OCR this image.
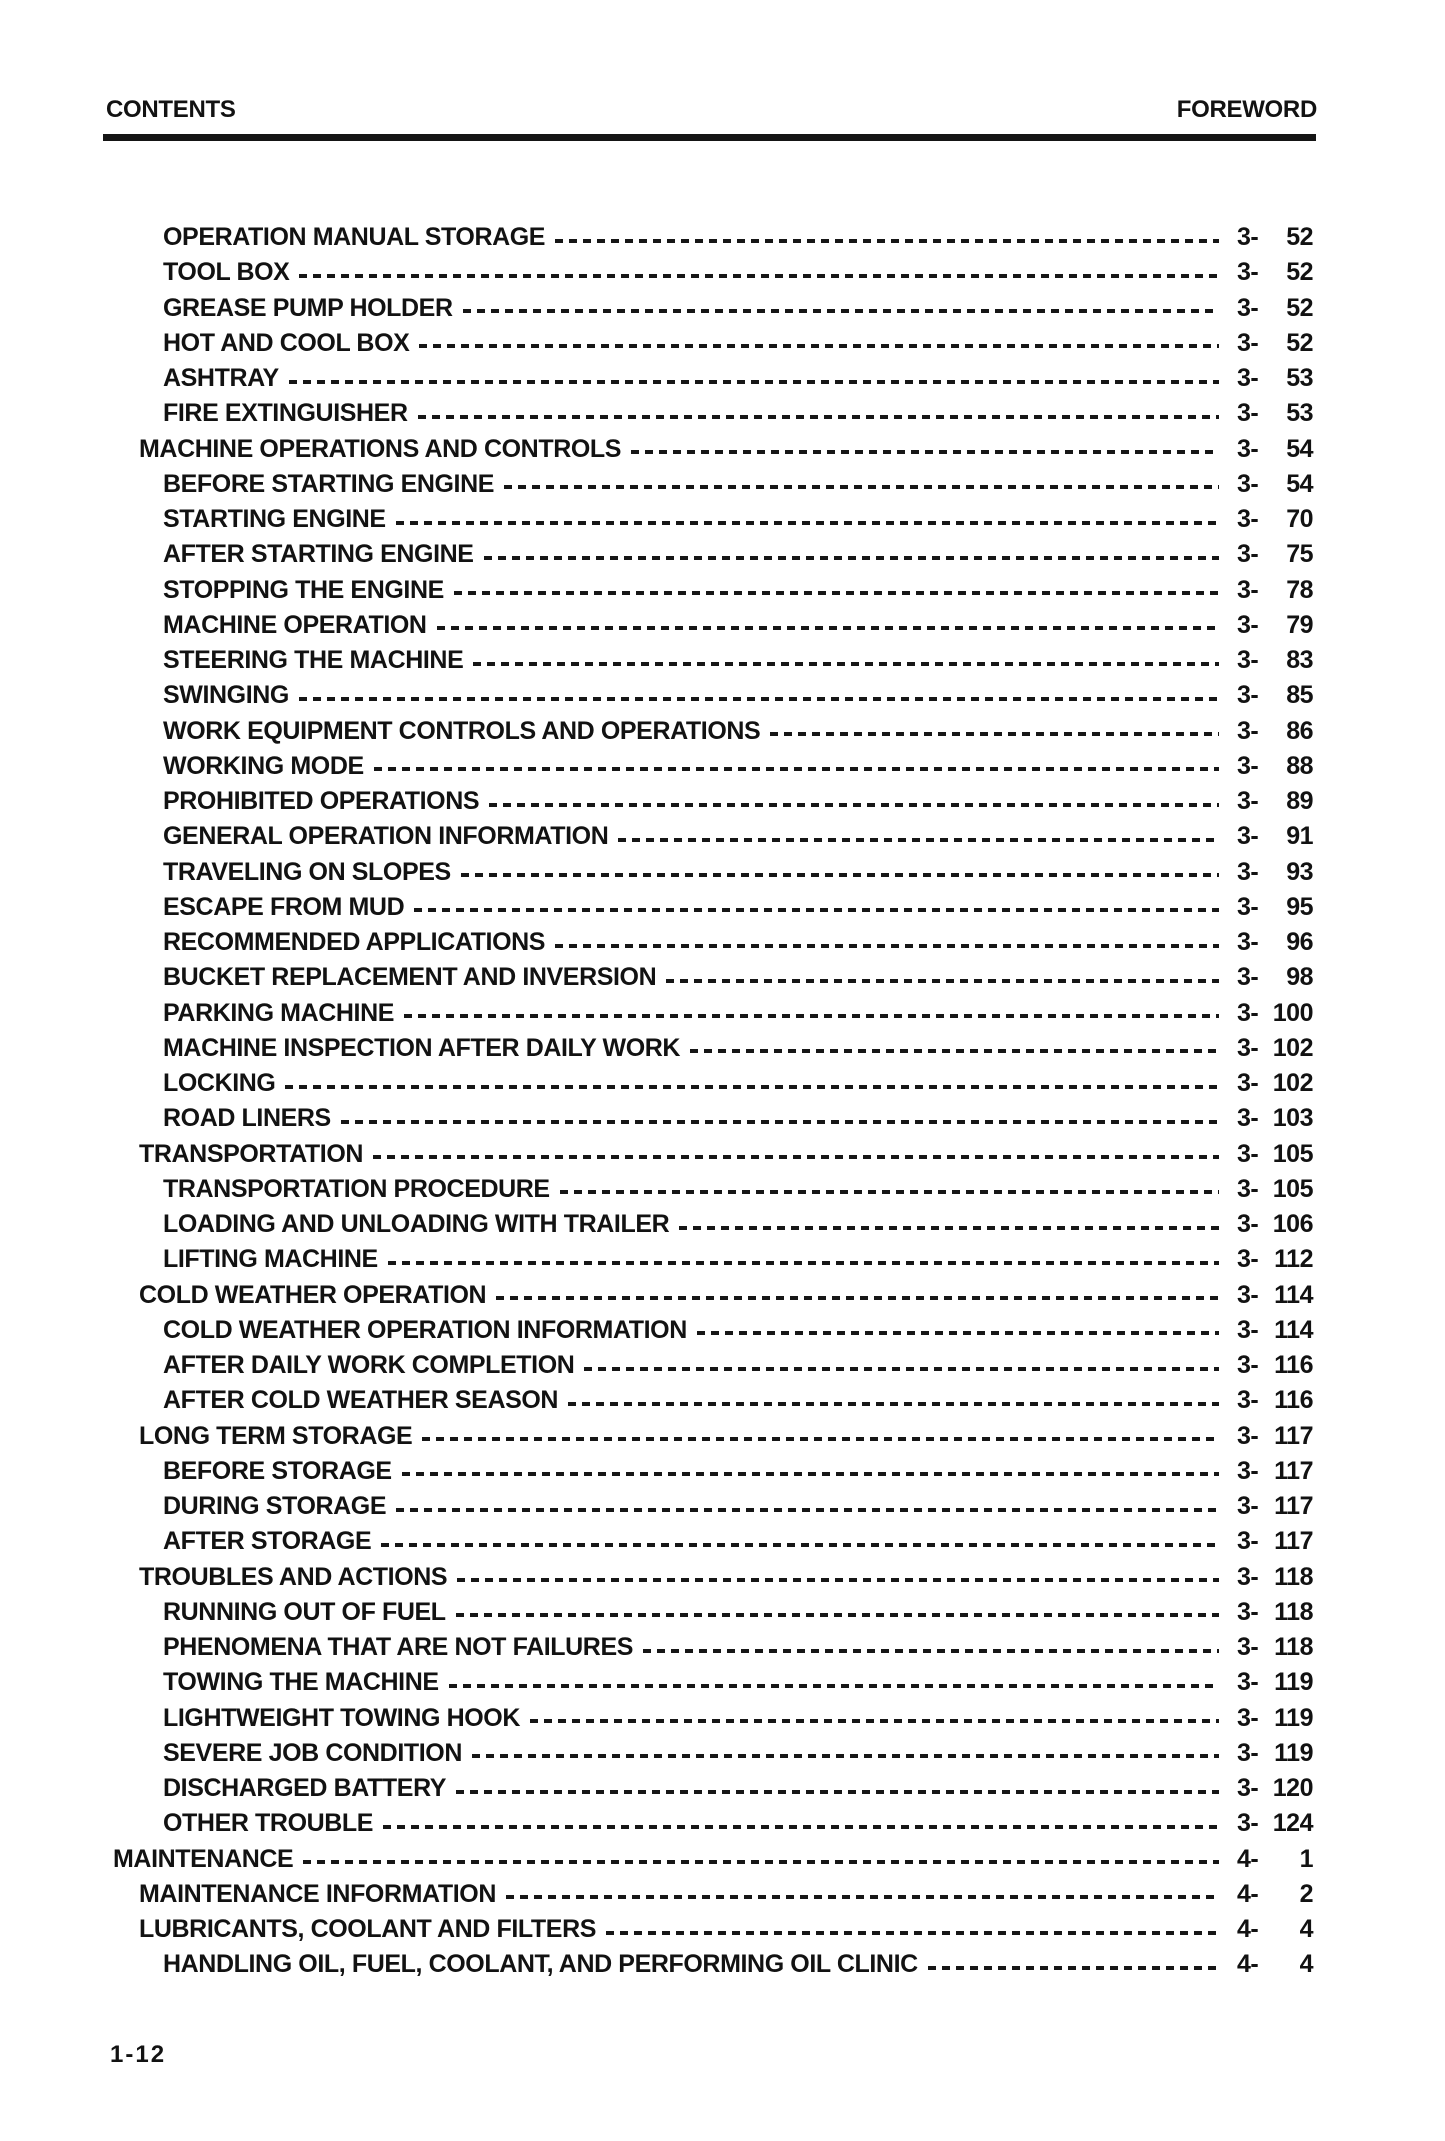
CONTENTS	FOREWORD
OPERATION MANUAL STORAGE	3- 52
TOOL BOX	3- 52
GREASE PUMP HOLDER	3- 52
HOT AND COOL BOX	3- 52
ASHTRAY	3- 53
FIRE EXTINGUISHER	3- 53
MACHINE OPERATIONS AND CONTROLS	3- 54
BEFORE STARTING ENGINE	3- 54
STARTING ENGINE	3- 70
AFTER STARTING ENGINE	3- 75
STOPPING THE ENGINE	3- 78
MACHINE OPERATION	3- 79
STEERING THE MACHINE	3- 83
SWINGING	3- 85
WORK EQUIPMENT CONTROLS AND OPERATIONS	3- 86
WORKING MODE	3- 88
PROHIBITED OPERATIONS	3- 89
GENERAL OPERATION INFORMATION	3- 91
TRAVELING ON SLOPES	3- 93
ESCAPE FROM MUD	3- 95
RECOMMENDED APPLICATIONS	3- 96
BUCKET REPLACEMENT AND INVERSION	3- 98
PARKING MACHINE	3- 100
MACHINE INSPECTION AFTER DAILY WORK	3- 102
LOCKING	3- 102
ROAD LINERS	3- 103
TRANSPORTATION	3- 105
TRANSPORTATION PROCEDURE	3- 105
LOADING AND UNLOADING WITH TRAILER	3- 106
LIFTING MACHINE	3- 112
COLD WEATHER OPERATION	3- 114
COLD WEATHER OPERATION INFORMATION	3- 114
AFTER DAILY WORK COMPLETION	3- 116
AFTER COLD WEATHER SEASON	3- 116
LONG TERM STORAGE	3- 117
BEFORE STORAGE	3- 117
DURING STORAGE	3- 117
AFTER STORAGE	3- 117
TROUBLES AND ACTIONS	3- 118
RUNNING OUT OF FUEL	3- 118
PHENOMENA THAT ARE NOT FAILURES	3- 118
TOWING THE MACHINE	3- 119
LIGHTWEIGHT TOWING HOOK	3- 119
SEVERE JOB CONDITION	3- 119
DISCHARGED BATTERY	3- 120
OTHER TROUBLE	3- 124
MAINTENANCE	4- 1
MAINTENANCE INFORMATION	4- 2
LUBRICANTS, COOLANT AND FILTERS	4- 4
HANDLING OIL, FUEL, COOLANT, AND PERFORMING OIL CLINIC	4- 4
1-12
